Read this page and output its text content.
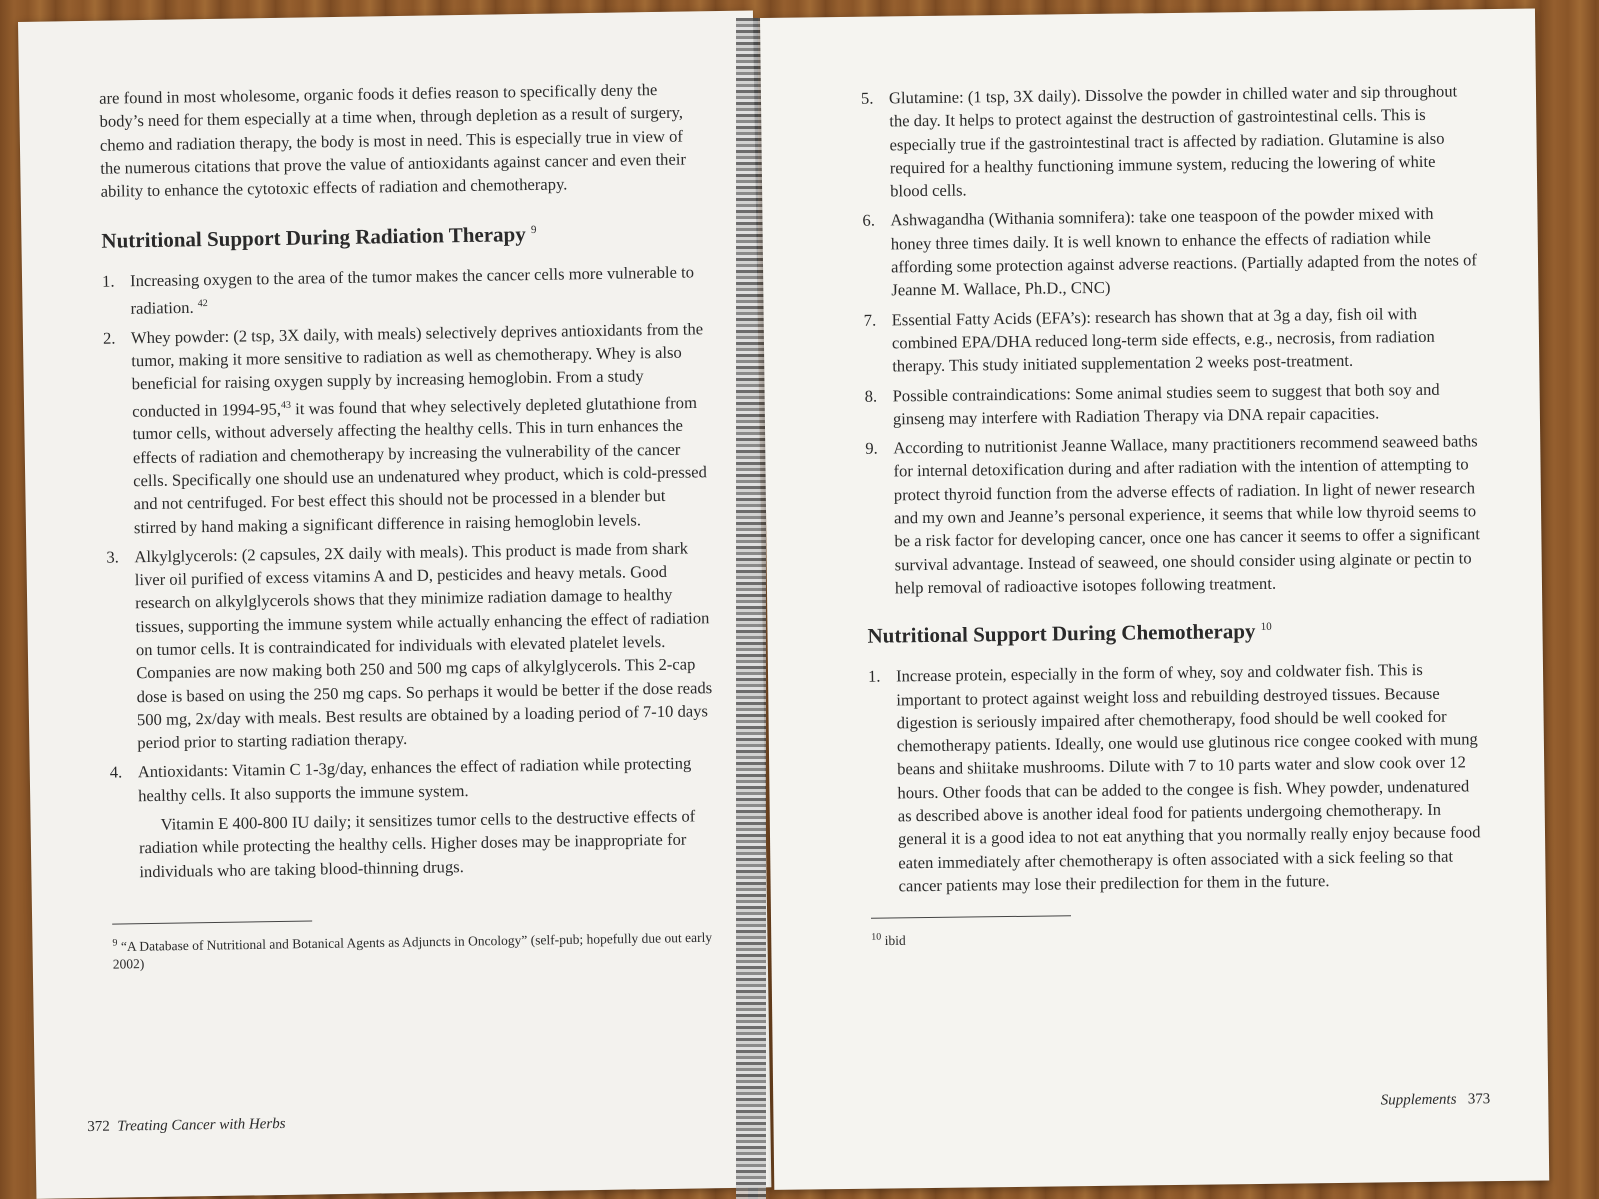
are found in most wholesome, organic foods it defies reason to specifically deny the body’s need for them especially at a time when, through depletion as a result of surgery, chemo and radiation therapy, the body is most in need. This is especially true in view of the numerous citations that prove the value of antioxidants against cancer and even their ability to enhance the cytotoxic effects of radiation and chemotherapy.

Nutritional Support During Radiation Therapy $^9$
1. Increasing oxygen to the area of the tumor makes the cancer cells more vulnerable to radiation. $^{42}$
2. Whey powder: (2 tsp, 3X daily, with meals) selectively deprives antioxidants from the tumor, making it more sensitive to radiation as well as chemotherapy. Whey is also beneficial for raising oxygen supply by increasing hemoglobin. From a study conducted in 1994-95,43 it was found that whey selectively depleted glutathione from tumor cells, without adversely affecting the healthy cells. This in turn enhances the effects of radiation and chemotherapy by increasing the vulnerability of the cancer cells. Specifically one should use an undenatured whey product, which is cold-pressed and not centrifuged. For best effect this should not be processed in a blender but stirred by hand making a significant difference in raising hemoglobin levels.
3. Alkylglycerols: (2 capsules, 2X daily with meals). This product is made from shark liver oil purified of excess vitamins A and D, pesticides and heavy metals. Good research on alkylglycerols shows that they minimize radiation damage to healthy tissues, supporting the immune system while actually enhancing the effect of radiation on tumor cells. It is contraindicated for individuals with elevated platelet levels. Companies are now making both 250 and 500 mg caps of alkylglycerols. This 2-cap dose is based on using the 250 mg caps. So perhaps it would be better if the dose reads 500 mg, 2x/day with meals. Best results are obtained by a loading period of 7-10 days period prior to starting radiation therapy.
4. Antioxidants: Vitamin C 1-3g/day, enhances the effect of radiation while protecting healthy cells. It also supports the immune system.

Vitamin E 400-800 IU daily; it sensitizes tumor cells to the destructive effects of radiation while protecting the healthy cells. Higher doses may be inappropriate for individuals who are taking blood-thinning drugs.

$^9$ “A Database of Nutritional and Botanical Agents as Adjuncts in Oncology” (self-pub; hopefully due out early 2002)

372 Treating Cancer with Herbs
5. Glutamine: (1 tsp, 3X daily). Dissolve the powder in chilled water and sip throughout the day. It helps to protect against the destruction of gastrointestinal cells. This is especially true if the gastrointestinal tract is affected by radiation. Glutamine is also required for a healthy functioning immune system, reducing the lowering of white blood cells.
6. Ashwagandha (Withania somnifera): take one teaspoon of the powder mixed with honey three times daily. It is well known to enhance the effects of radiation while affording some protection against adverse reactions. (Partially adapted from the notes of Jeanne M. Wallace, Ph.D., CNC)
7. Essential Fatty Acids (EFA’s): research has shown that at 3g a day, fish oil with combined EPA/DHA reduced long-term side effects, e.g., necrosis, from radiation therapy. This study initiated supplementation 2 weeks post-treatment.
8. Possible contraindications: Some animal studies seem to suggest that both soy and ginseng may interfere with Radiation Therapy via DNA repair capacities.
9. According to nutritionist Jeanne Wallace, many practitioners recommend seaweed baths for internal detoxification during and after radiation with the intention of attempting to protect thyroid function from the adverse effects of radiation. In light of newer research and my own and Jeanne’s personal experience, it seems that while low thyroid seems to be a risk factor for developing cancer, once one has cancer it seems to offer a significant survival advantage. Instead of seaweed, one should consider using alginate or pectin to help removal of radioactive isotopes following treatment.
Nutritional Support During Chemotherapy $^{10}$
1. Increase protein, especially in the form of whey, soy and coldwater fish. This is important to protect against weight loss and rebuilding destroyed tissues. Because digestion is seriously impaired after chemotherapy, food should be well cooked for chemotherapy patients. Ideally, one would use glutinous rice congee cooked with mung beans and shiitake mushrooms. Dilute with 7 to 10 parts water and slow cook over 12 hours. Other foods that can be added to the congee is fish. Whey powder, undenatured as described above is another ideal food for patients undergoing chemotherapy. In general it is a good idea to not eat anything that you normally really enjoy because food eaten immediately after chemotherapy is often associated with a sick feeling so that cancer patients may lose their predilection for them in the future.

$^{10}$ ibid

Supplements 373
